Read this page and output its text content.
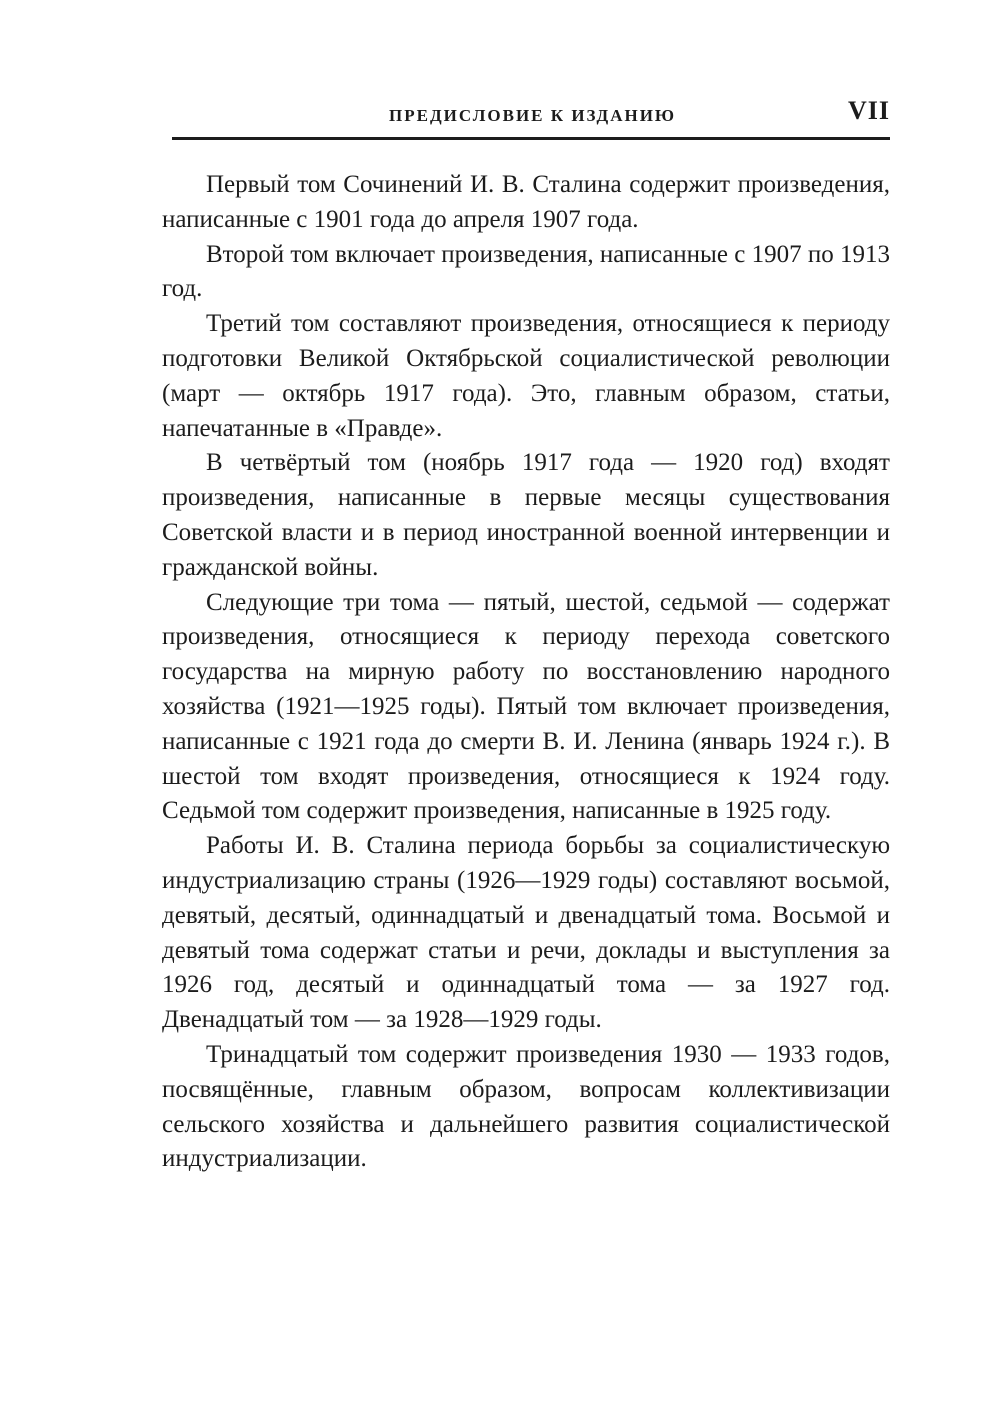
ПРЕДИСЛОВИЕ К ИЗДАНИЮ	VII

Первый том Сочинений И. В. Сталина содержит произведения, написанные с 1901 года до апреля 1907 года.

Второй том включает произведения, написанные с 1907 по 1913 год.

Третий том составляют произведения, относящиеся к периоду подготовки Великой Октябрьской социалистической революции (март — октябрь 1917 года). Это, главным образом, статьи, напечатанные в «Правде».

В четвёртый том (ноябрь 1917 года — 1920 год) входят произведения, написанные в первые месяцы существования Советской власти и в период иностранной военной интервенции и гражданской войны.

Следующие три тома — пятый, шестой, седьмой — содержат произведения, относящиеся к периоду перехода советского государства на мирную работу по восстановлению народного хозяйства (1921—1925 годы). Пятый том включает произведения, написанные с 1921 года до смерти В. И. Ленина (январь 1924 г.). В шестой том входят произведения, относящиеся к 1924 году. Седьмой том содержит произведения, написанные в 1925 году.

Работы И. В. Сталина периода борьбы за социалистическую индустриализацию страны (1926—1929 годы) составляют восьмой, девятый, десятый, одиннадцатый и двенадцатый тома. Восьмой и девятый тома содержат статьи и речи, доклады и выступления за 1926 год, десятый и одиннадцатый тома — за 1927 год. Двенадцатый том — за 1928—1929 годы.

Тринадцатый том содержит произведения 1930 — 1933 годов, посвящённые, главным образом, вопросам коллективизации сельского хозяйства и дальнейшего развития социалистической индустриализации.
